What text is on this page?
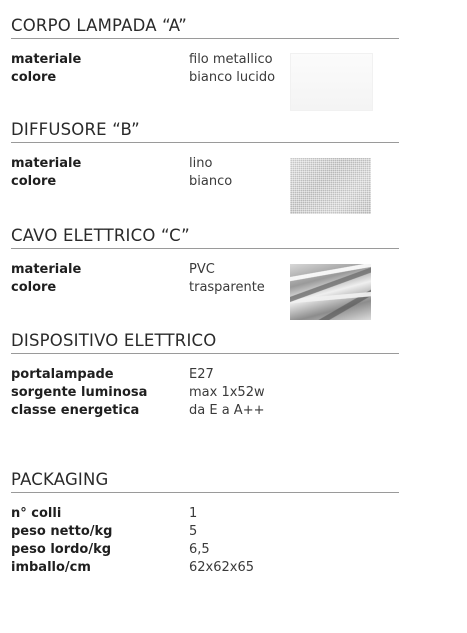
CORPO LAMPADA “A”
materiale	filo metallico
colore	bianco lucido
DIFFUSORE “B”
materiale	lino
colore	bianco
CAVO ELETTRICO “C”
materiale	PVC
colore	trasparente
DISPOSITIVO ELETTRICO
portalampade	E27
sorgente luminosa	max 1x52w
classe energetica	da E a A++
PACKAGING
n° colli	1
peso netto/kg	5
peso lordo/kg	6,5
imballo/cm	62x62x65
